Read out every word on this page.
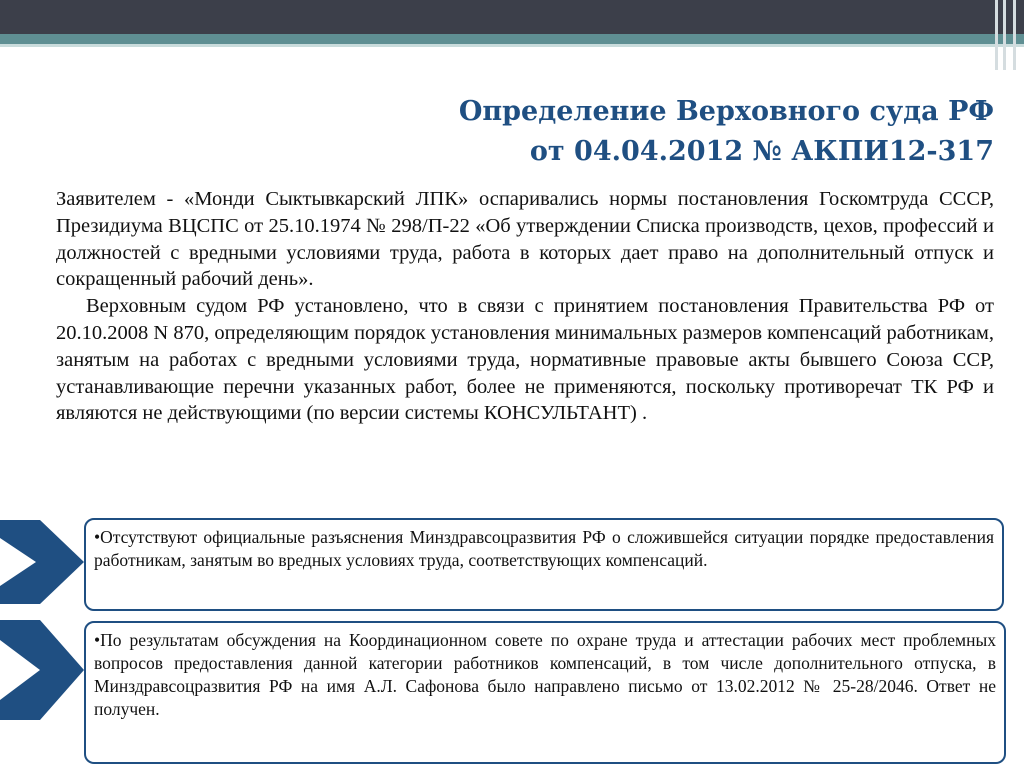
Определение Верховного суда РФ
от 04.04.2012 № АКПИ12-317

Заявителем - «Монди Сыктывкарский ЛПК» оспаривались нормы постановления Госкомтруда СССР, Президиума ВЦСПС от 25.10.1974 № 298/П-22 «Об утверждении Списка производств, цехов, профессий и должностей с вредными условиями труда, работа в которых дает право на дополнительный отпуск и сокращенный рабочий день».

Верховным судом РФ установлено, что в связи с принятием постановления Правительства РФ от 20.10.2008 N 870, определяющим порядок установления минимальных размеров компенсаций работникам, занятым на работах с вредными условиями труда, нормативные правовые акты бывшего Союза ССР, устанавливающие перечни указанных работ, более не применяются, поскольку противоречат ТК РФ и являются не действующими (по версии системы КОНСУЛЬТАНТ) .

•Отсутствуют официальные разъяснения Минздравсоцразвития РФ о сложившейся ситуации порядке предоставления работникам, занятым во вредных условиях труда, соответствующих компенсаций.
•По результатам обсуждения на Координационном совете по охране труда и аттестации рабочих мест проблемных вопросов предоставления данной категории работников компенсаций, в том числе дополнительного отпуска, в Минздравсоцразвития РФ на имя А.Л. Сафонова было направлено письмо от 13.02.2012 № 25-28/2046. Ответ не получен.
